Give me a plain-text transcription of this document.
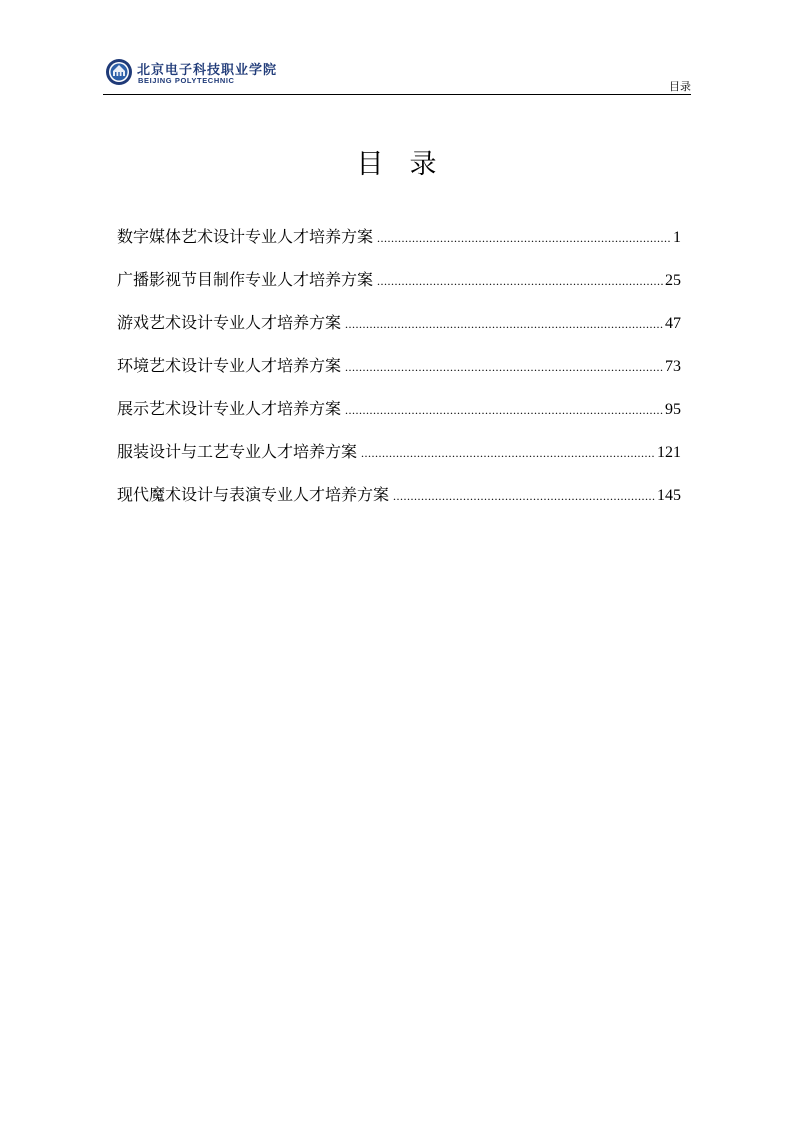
北京电子科技职业学院
BEIJING POLYTECHNIC	目录
目 录
数字媒体艺术设计专业人才培养方案 .....	1
广播影视节目制作专业人才培养方案 .....	25
游戏艺术设计专业人才培养方案 .....	47
环境艺术设计专业人才培养方案 .....	73
展示艺术设计专业人才培养方案 .....	95
服装设计与工艺专业人才培养方案 .....	121
现代魔术设计与表演专业人才培养方案 .....	145
